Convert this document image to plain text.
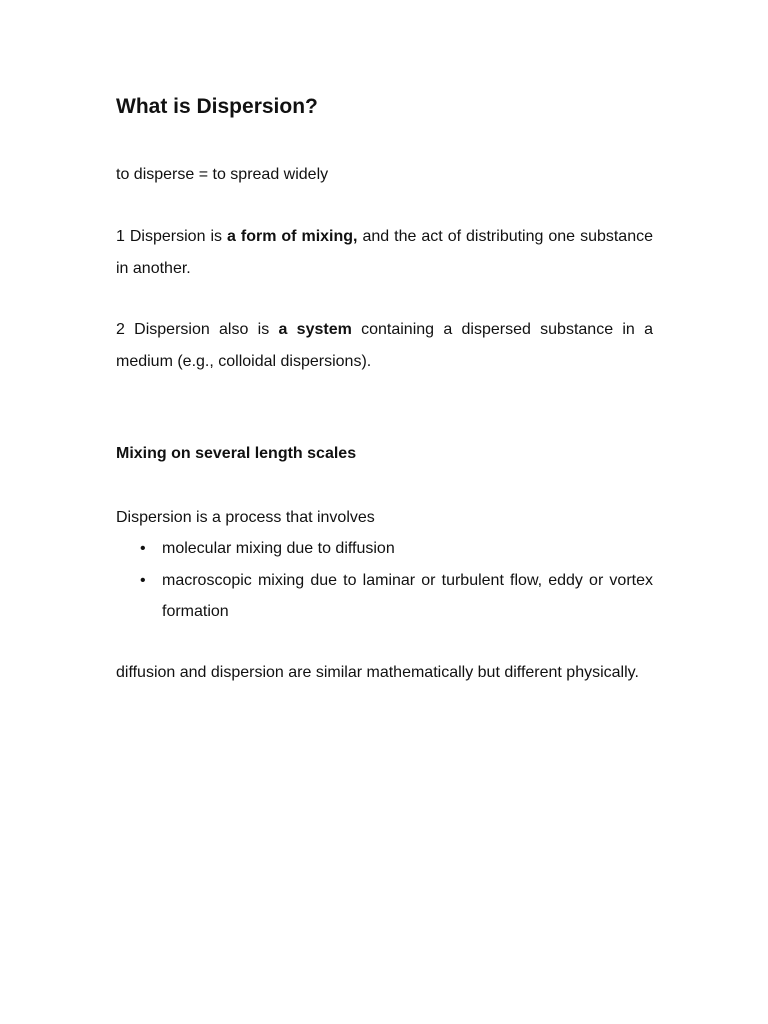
What is Dispersion?

to disperse = to spread widely

1 Dispersion is a form of mixing, and the act of distributing one substance in another.

2 Dispersion also is a system containing a dispersed substance in a medium (e.g., colloidal dispersions).

Mixing on several length scales

Dispersion is a process that involves

• molecular mixing due to diffusion
• macroscopic mixing due to laminar or turbulent flow, eddy or vortex formation

diffusion and dispersion are similar mathematically but different physically.
